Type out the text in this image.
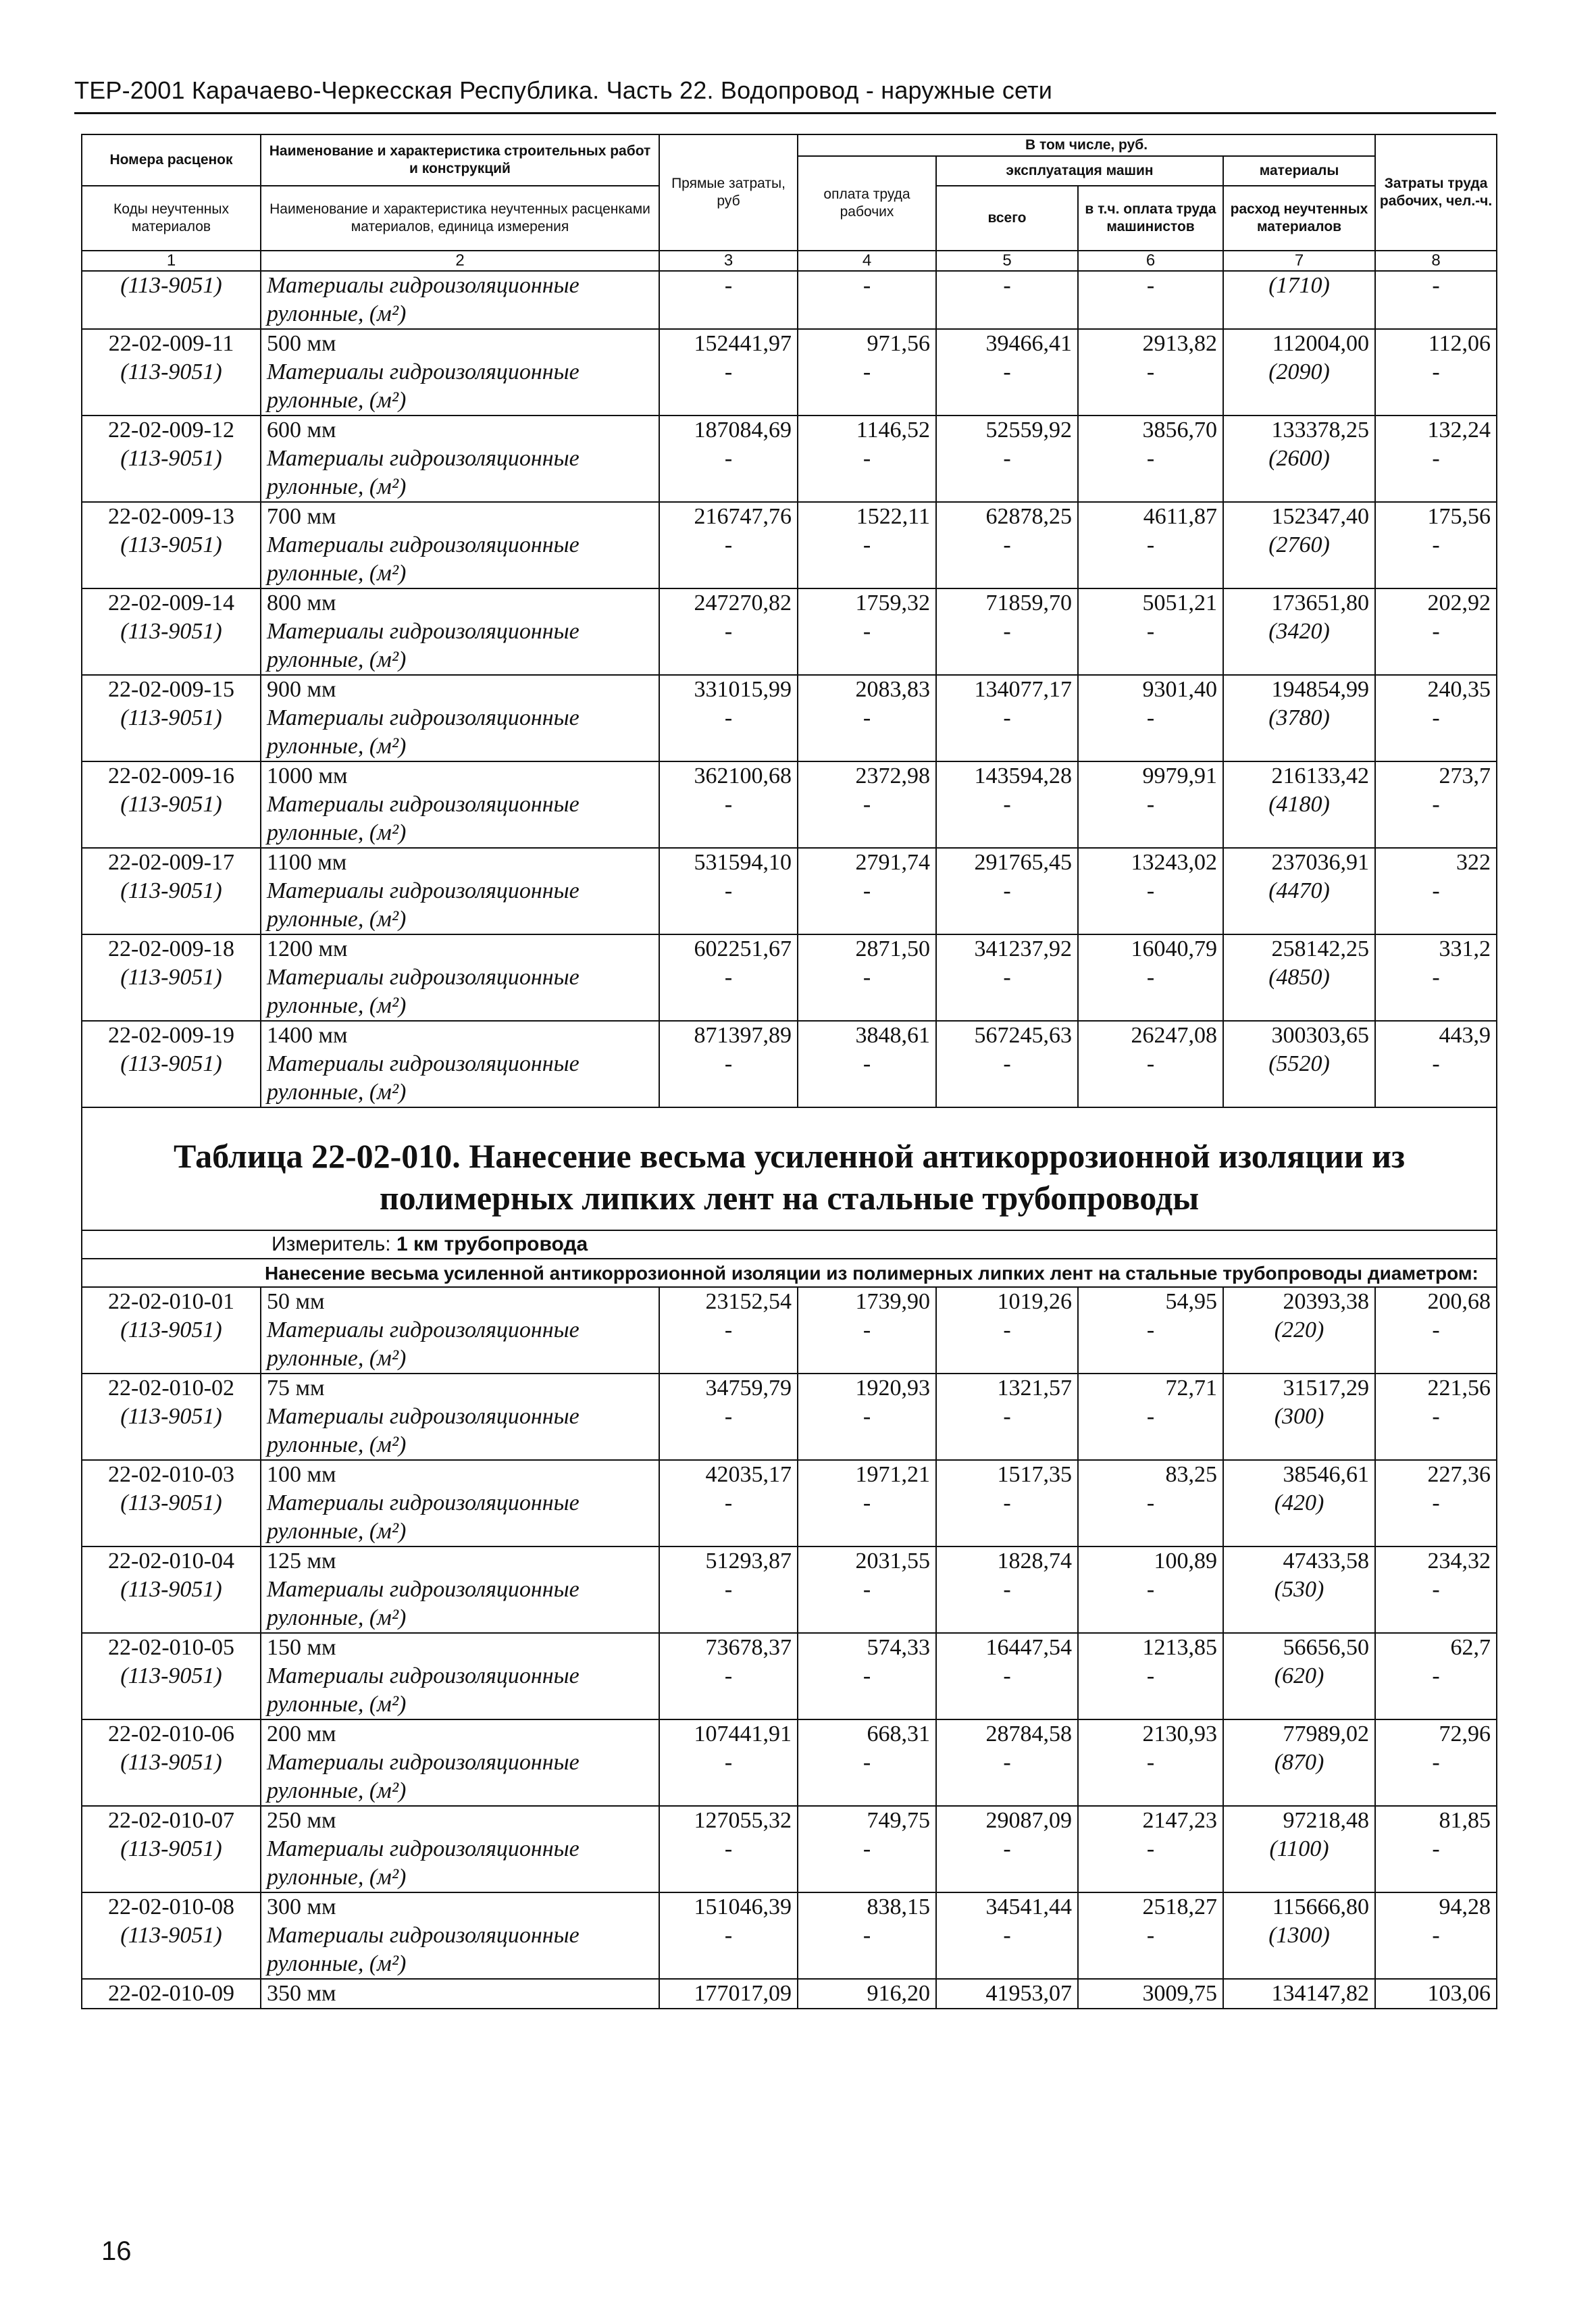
ТЕР-2001 Карачаево-Черкесская Республика. Часть 22. Водопровод - наружные сети
Номера расценок	Наименование и характеристика строительных работ и конструкций	Прямые затраты, руб	В том числе, руб.				Затраты труда рабочих, чел.-ч.
			оплата труда рабочих	эксплуатация машин		материалы	
Коды неучтенных материалов	Наименование и характеристика неучтенных расценками материалов, единица измерения			всего	в т.ч. оплата труда машинистов	расход неучтенных материалов	

1	2	3	4	5	6	7	8
(113-9051)	Материалы гидроизоляционные	-	-	-	-	(1710)	-
	рулонные, (м²)						
22-02-009-11	500 мм	152441,97	971,56	39466,41	2913,82	112004,00	112,06
(113-9051)	Материалы гидроизоляционные	-	-	-	-	(2090)	-
	рулонные, (м²)						
22-02-009-12	600 мм	187084,69	1146,52	52559,92	3856,70	133378,25	132,24
(113-9051)	Материалы гидроизоляционные	-	-	-	-	(2600)	-
	рулонные, (м²)						
22-02-009-13	700 мм	216747,76	1522,11	62878,25	4611,87	152347,40	175,56
(113-9051)	Материалы гидроизоляционные	-	-	-	-	(2760)	-
	рулонные, (м²)						
22-02-009-14	800 мм	247270,82	1759,32	71859,70	5051,21	173651,80	202,92
(113-9051)	Материалы гидроизоляционные	-	-	-	-	(3420)	-
	рулонные, (м²)						
22-02-009-15	900 мм	331015,99	2083,83	134077,17	9301,40	194854,99	240,35
(113-9051)	Материалы гидроизоляционные	-	-	-	-	(3780)	-
	рулонные, (м²)						
22-02-009-16	1000 мм	362100,68	2372,98	143594,28	9979,91	216133,42	273,7
(113-9051)	Материалы гидроизоляционные	-	-	-	-	(4180)	-
	рулонные, (м²)						
22-02-009-17	1100 мм	531594,10	2791,74	291765,45	13243,02	237036,91	322
(113-9051)	Материалы гидроизоляционные	-	-	-	-	(4470)	-
	рулонные, (м²)						
22-02-009-18	1200 мм	602251,67	2871,50	341237,92	16040,79	258142,25	331,2
(113-9051)	Материалы гидроизоляционные	-	-	-	-	(4850)	-
	рулонные, (м²)						
22-02-009-19	1400 мм	871397,89	3848,61	567245,63	26247,08	300303,65	443,9
(113-9051)	Материалы гидроизоляционные	-	-	-	-	(5520)	-
	рулонные, (м²)						
Таблица 22-02-010. Нанесение весьма усиленной антикоррозионной изоляции из полимерных липких лент на стальные трубопроводы							
Измеритель: 1 км трубопровода							
Нанесение весьма усиленной антикоррозионной изоляции из полимерных липких лент на стальные трубопроводы диаметром:							
22-02-010-01	50 мм	23152,54	1739,90	1019,26	54,95	20393,38	200,68
(113-9051)	Материалы гидроизоляционные	-	-	-	-	(220)	-
	рулонные, (м²)						
22-02-010-02	75 мм	34759,79	1920,93	1321,57	72,71	31517,29	221,56
(113-9051)	Материалы гидроизоляционные	-	-	-	-	(300)	-
	рулонные, (м²)						
22-02-010-03	100 мм	42035,17	1971,21	1517,35	83,25	38546,61	227,36
(113-9051)	Материалы гидроизоляционные	-	-	-	-	(420)	-
	рулонные, (м²)						
22-02-010-04	125 мм	51293,87	2031,55	1828,74	100,89	47433,58	234,32
(113-9051)	Материалы гидроизоляционные	-	-	-	-	(530)	-
	рулонные, (м²)						
22-02-010-05	150 мм	73678,37	574,33	16447,54	1213,85	56656,50	62,7
(113-9051)	Материалы гидроизоляционные	-	-	-	-	(620)	-
	рулонные, (м²)						
22-02-010-06	200 мм	107441,91	668,31	28784,58	2130,93	77989,02	72,96
(113-9051)	Материалы гидроизоляционные	-	-	-	-	(870)	-
	рулонные, (м²)						
22-02-010-07	250 мм	127055,32	749,75	29087,09	2147,23	97218,48	81,85
(113-9051)	Материалы гидроизоляционные	-	-	-	-	(1100)	-
	рулонные, (м²)						
22-02-010-08	300 мм	151046,39	838,15	34541,44	2518,27	115666,80	94,28
(113-9051)	Материалы гидроизоляционные	-	-	-	-	(1300)	-
	рулонные, (м²)						
22-02-010-09	350 мм	177017,09	916,20	41953,07	3009,75	134147,82	103,06
16
